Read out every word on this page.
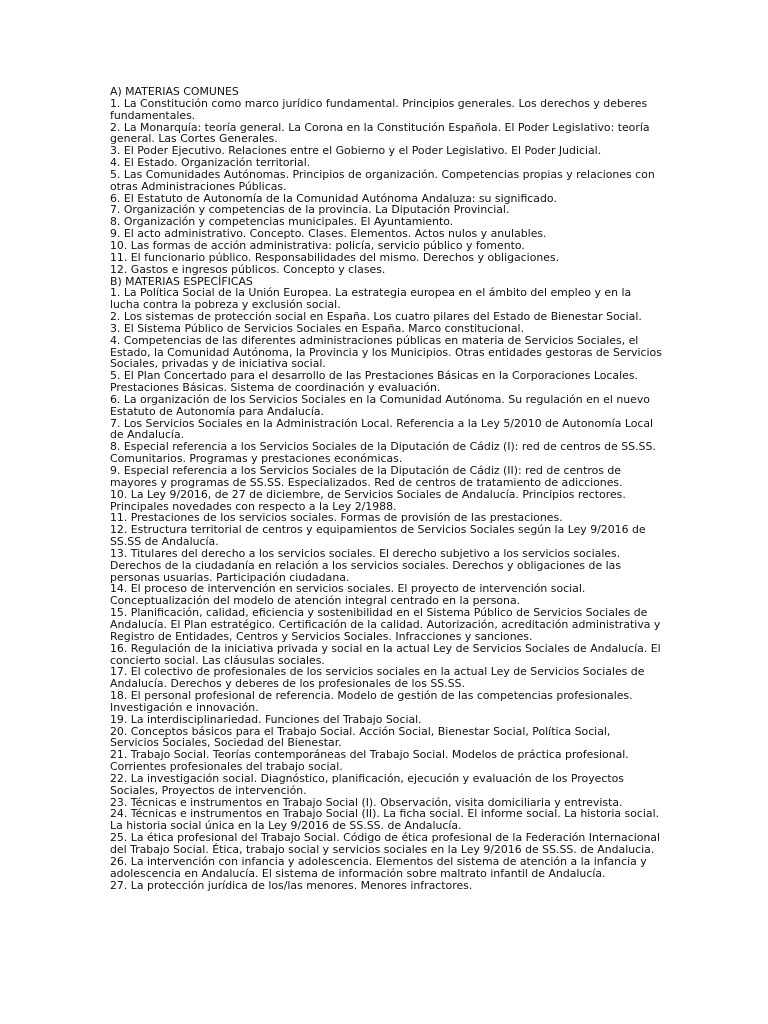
A) MATERIAS COMUNES
1. La Constitución como marco jurídico fundamental. Principios generales. Los derechos y deberes fundamentales.
2. La Monarquía: teoría general. La Corona en la Constitución Española. El Poder Legislativo: teoría general. Las Cortes Generales.
3. El Poder Ejecutivo. Relaciones entre el Gobierno y el Poder Legislativo. El Poder Judicial.
4. El Estado. Organización territorial.
5. Las Comunidades Autónomas. Principios de organización. Competencias propias y relaciones con otras Administraciones Públicas.
6. El Estatuto de Autonomía de la Comunidad Autónoma Andaluza: su significado.
7. Organización y competencias de la provincia. La Diputación Provincial.
8. Organización y competencias municipales. El Ayuntamiento.
9. El acto administrativo. Concepto. Clases. Elementos. Actos nulos y anulables.
10. Las formas de acción administrativa: policía, servicio público y fomento.
11. El funcionario público. Responsabilidades del mismo. Derechos y obligaciones.
12. Gastos e ingresos públicos. Concepto y clases.
B) MATERIAS ESPECÍFICAS
1. La Política Social de la Unión Europea. La estrategia europea en el ámbito del empleo y en la lucha contra la pobreza y exclusión social.
2. Los sistemas de protección social en España. Los cuatro pilares del Estado de Bienestar Social.
3. El Sistema Público de Servicios Sociales en España. Marco constitucional.
4. Competencias de las diferentes administraciones públicas en materia de Servicios Sociales, el Estado, la Comunidad Autónoma, la Provincia y los Municipios. Otras entidades gestoras de Servicios Sociales, privadas y de iniciativa social.
5. El Plan Concertado para el desarrollo de las Prestaciones Básicas en la Corporaciones Locales. Prestaciones Básicas. Sistema de coordinación y evaluación.
6. La organización de los Servicios Sociales en la Comunidad Autónoma. Su regulación en el nuevo Estatuto de Autonomía para Andalucía.
7. Los Servicios Sociales en la Administración Local. Referencia a la Ley 5/2010 de Autonomía Local de Andalucía.
8. Especial referencia a los Servicios Sociales de la Diputación de Cádiz (I): red de centros de SS.SS. Comunitarios. Programas y prestaciones económicas.
9. Especial referencia a los Servicios Sociales de la Diputación de Cádiz (II): red de centros de mayores y programas de SS.SS. Especializados. Red de centros de tratamiento de adicciones.
10. La Ley 9/2016, de 27 de diciembre, de Servicios Sociales de Andalucía. Principios rectores. Principales novedades con respecto a la Ley 2/1988.
11. Prestaciones de los servicios sociales. Formas de provisión de las prestaciones.
12. Estructura territorial de centros y equipamientos de Servicios Sociales según la Ley 9/2016 de SS.SS de Andalucía.
13. Titulares del derecho a los servicios sociales. El derecho subjetivo a los servicios sociales. Derechos de la ciudadanía en relación a los servicios sociales. Derechos y obligaciones de las personas usuarias. Participación ciudadana.
14. El proceso de intervención en servicios sociales. El proyecto de intervención social. Conceptualización del modelo de atención integral centrado en la persona.
15. Planificación, calidad, eficiencia y sostenibilidad en el Sistema Público de Servicios Sociales de Andalucía. El Plan estratégico. Certificación de la calidad. Autorización, acreditación administrativa y Registro de Entidades, Centros y Servicios Sociales. Infracciones y sanciones.
16. Regulación de la iniciativa privada y social en la actual Ley de Servicios Sociales de Andalucía. El concierto social. Las cláusulas sociales.
17. El colectivo de profesionales de los servicios sociales en la actual Ley de Servicios Sociales de Andalucía. Derechos y deberes de los profesionales de los SS.SS.
18. El personal profesional de referencia. Modelo de gestión de las competencias profesionales. Investigación e innovación.
19. La interdisciplinariedad. Funciones del Trabajo Social.
20. Conceptos básicos para el Trabajo Social. Acción Social, Bienestar Social, Política Social, Servicios Sociales, Sociedad del Bienestar.
21. Trabajo Social. Teorías contemporáneas del Trabajo Social. Modelos de práctica profesional. Corrientes profesionales del trabajo social.
22. La investigación social. Diagnóstico, planificación, ejecución y evaluación de los Proyectos Sociales, Proyectos de intervención.
23. Técnicas e instrumentos en Trabajo Social (I). Observación, visita domiciliaria y entrevista.
24. Técnicas e instrumentos en Trabajo Social (II). La ficha social. El informe social. La historia social. La historia social única en la Ley 9/2016 de SS.SS. de Andalucía.
25. La ética profesional del Trabajo Social. Código de ética profesional de la Federación Internacional del Trabajo Social. Ética, trabajo social y servicios sociales en la Ley 9/2016 de SS.SS. de Andalucia.
26. La intervención con infancia y adolescencia. Elementos del sistema de atención a la infancia y adolescencia en Andalucía. El sistema de información sobre maltrato infantil de Andalucía.
27. La protección jurídica de los/las menores. Menores infractores.
